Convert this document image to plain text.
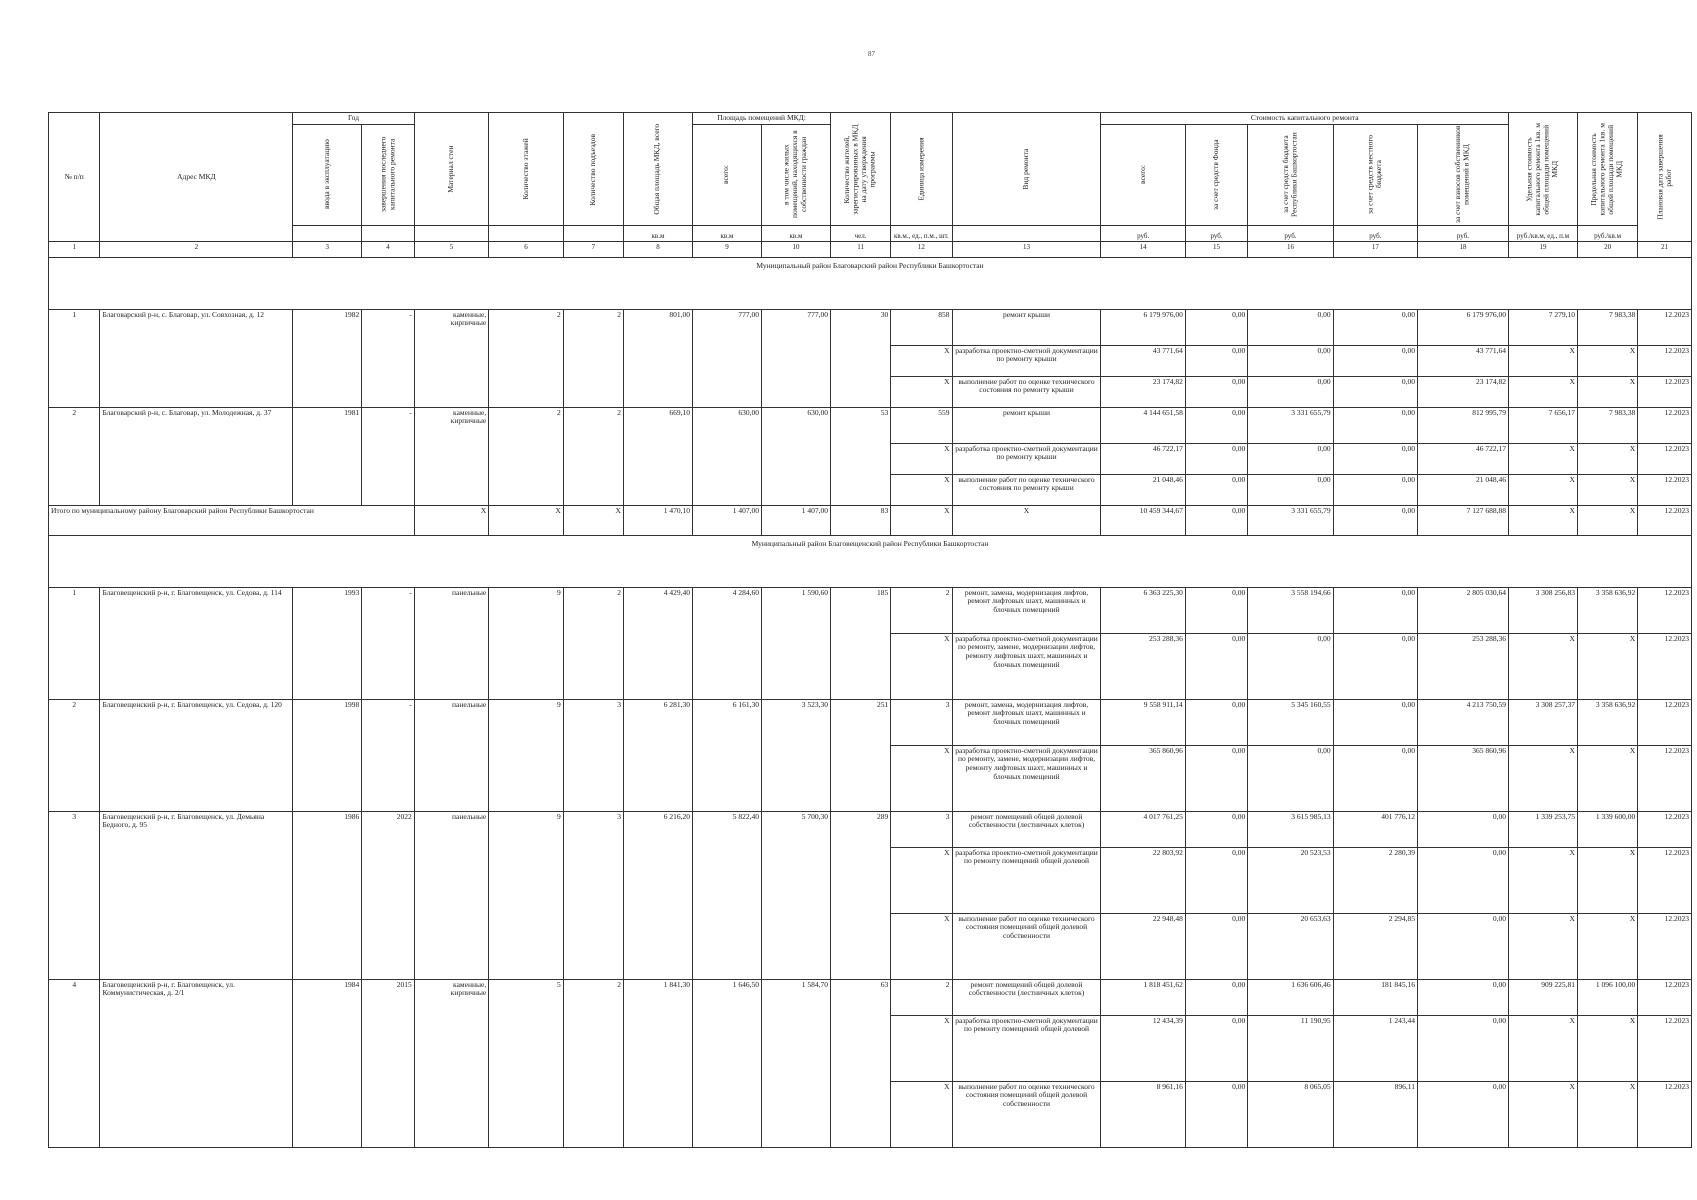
87
№ п/п	Адрес МКД	Год		Материал стен	Количество этажей	Количество подъездов	Общая площадь МКД, всего	Площадь помещений МКД:		Количество жителей, зарегистрированных в МКД на дату утверждения программы	Единица измерения	Вид ремонта	Стоимость капитального ремонта					Удельная стоимость капитального ремонта 1кв. м общей площади помещений МКД	Предельная стоимость капитального ремонта 1кв. м общей площади помещений МКД	Плановая дата завершения работ
		ввода в эксплуатацию	завершения последнего капитального ремонта					всего:	в том числе жилых помещений, находящихся в собственности граждан				всего:	за счет средств Фонда	за счет средств бюджета Республики Башкортостан	за счет средств местного бюджета	за счет взносов собственников помещений в МКД			
							кв.м	кв.м	кв.м	чел.	кв.м., ед., п.м., шт.		руб.	руб.	руб.	руб.	руб.	руб./кв.м, ед., п.м	руб./кв.м	
1	2	3	4	5	6	7	8	9	10	11	12	13	14	15	16	17	18	19	20	21
Муниципальный район Благоварский район Республики Башкортостан																				
1	Благоварский р-н, с. Благовар, ул. Совхозная, д. 12	1982	-	каменные, кирпичные	2	2	801,00	777,00	777,00	30	858	ремонт крыши	6 179 976,00	0,00	0,00	0,00	6 179 976,00	7 279,10	7 983,38	12.2023
											X	разработка проектно-сметной документации по ремонту крыши	43 771,64	0,00	0,00	0,00	43 771,64	X	X	12.2023
											X	выполнение работ по оценке технического состояния по ремонту крыши	23 174,82	0,00	0,00	0,00	23 174,82	X	X	12.2023
2	Благоварский р-н, с. Благовар, ул. Молодежная, д. 37	1981	-	каменные, кирпичные	2	2	669,10	630,00	630,00	53	559	ремонт крыши	4 144 651,58	0,00	3 331 655,79	0,00	812 995,79	7 656,17	7 983,38	12.2023
											X	разработка проектно-сметной документации по ремонту крыши	46 722,17	0,00	0,00	0,00	46 722,17	X	X	12.2023
											X	выполнение работ по оценке технического состояния по ремонту крыши	21 048,46	0,00	0,00	0,00	21 048,46	X	X	12.2023
Итого по муниципальному району Благоварский район Республики Башкортостан				X	X	X	1 470,10	1 407,00	1 407,00	83	X	X	10 459 344,67	0,00	3 331 655,79	0,00	7 127 688,88	X	X	12.2023
Муниципальный район Благовещенский район Республики Башкортостан																				
1	Благовещенский р-н, г. Благовещенск, ул. Седова, д. 114	1993	-	панельные	9	2	4 429,40	4 284,60	1 590,60	185	2	ремонт, замена, модернизация лифтов, ремонт лифтовых шахт, машинных и блочных помещений	6 363 225,30	0,00	3 558 194,66	0,00	2 805 030,64	3 308 256,83	3 358 636,92	12.2023
											X	разработка проектно-сметной документации по ремонту, замене, модернизации лифтов, ремонту лифтовых шахт, машинных и блочных помещений	253 288,36	0,00	0,00	0,00	253 288,36	X	X	12.2023
2	Благовещенский р-н, г. Благовещенск, ул. Седова, д. 120	1998	-	панельные	9	3	6 281,30	6 161,30	3 523,30	251	3	ремонт, замена, модернизация лифтов, ремонт лифтовых шахт, машинных и блочных помещений	9 558 911,14	0,00	5 345 160,55	0,00	4 213 750,59	3 308 257,37	3 358 636,92	12.2023
											X	разработка проектно-сметной документации по ремонту, замене, модернизации лифтов, ремонту лифтовых шахт, машинных и блочных помещений	365 860,96	0,00	0,00	0,00	365 860,96	X	X	12.2023
3	Благовещенский р-н, г. Благовещенск, ул. Демьяна Бедного, д. 95	1986	2022	панельные	9	3	6 216,20	5 822,40	5 700,30	289	3	ремонт помещений общей долевой собственности (лестничных клеток)	4 017 761,25	0,00	3 615 985,13	401 776,12	0,00	1 339 253,75	1 339 600,00	12.2023
											X	разработка проектно-сметной документации по ремонту помещений общей долевой	22 803,92	0,00	20 523,53	2 280,39	0,00	X	X	12.2023
											X	выполнение работ по оценке технического состояния помещений общей долевой собственности	22 948,48	0,00	20 653,63	2 294,85	0,00	X	X	12.2023
4	Благовещенский р-н, г. Благовещенск, ул. Коммунистическая, д. 2/1	1984	2015	каменные, кирпичные	5	2	1 841,30	1 646,50	1 584,70	63	2	ремонт помещений общей долевой собственности (лестничных клеток)	1 818 451,62	0,00	1 636 606,46	181 845,16	0,00	909 225,81	1 096 100,00	12.2023
											X	разработка проектно-сметной документации по ремонту помещений общей долевой	12 434,39	0,00	11 190,95	1 243,44	0,00	X	X	12.2023
											X	выполнение работ по оценке технического состояния помещений общей долевой собственности	8 961,16	0,00	8 065,05	896,11	0,00	X	X	12.2023
